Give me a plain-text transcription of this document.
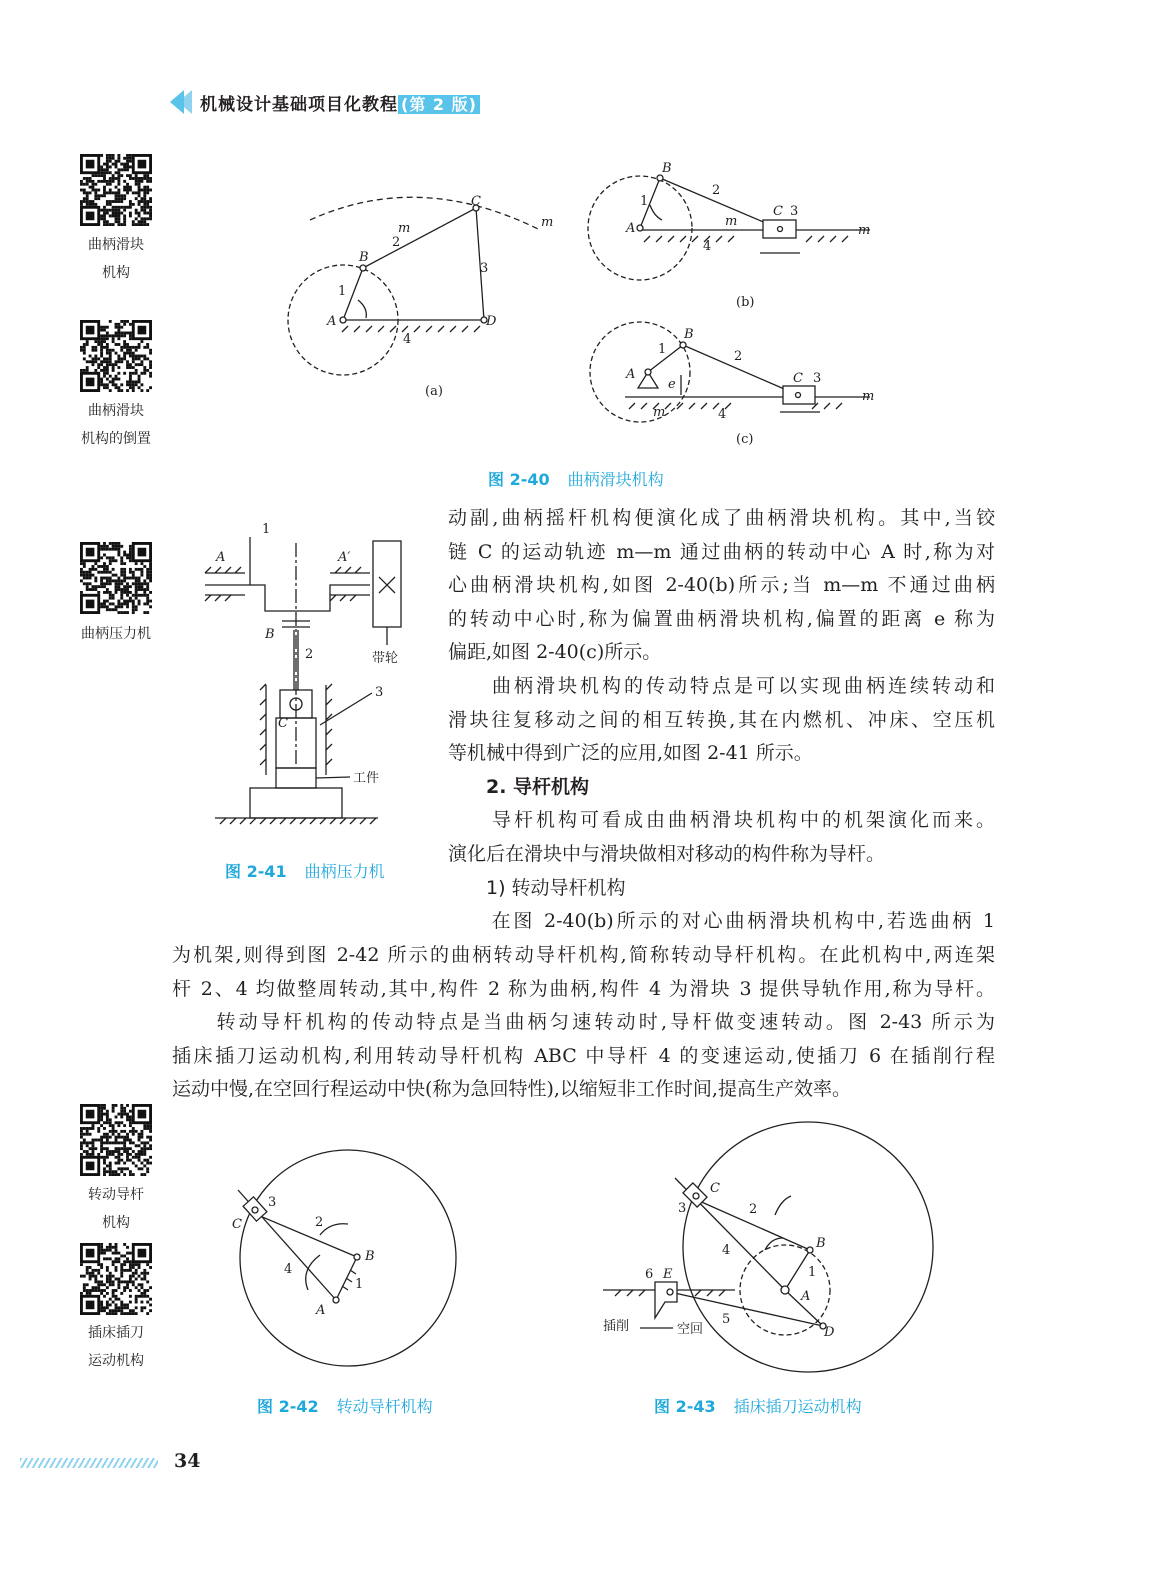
机械设计基础项目化教程 (第 2 版)
曲柄滑块
机构
曲柄滑块
机构的倒置
曲柄压力机
转动导杆
机构
插床插刀
运动机构
A
B
C
D
m	m
1
2
3
4
(a)
A
B
C
m
m
1
2
3
4
(b)
A
B
C
e
m
m
1	2
3
4
(c)
图 2-40 曲柄滑块机构
1
A	A′
B
2	带轮
3
C
工件
图 2-41 曲柄压力机
动副,曲柄摇杆机构便演化成了曲柄滑块机构。其中,当铰
链 C 的运动轨迹 m—m 通过曲柄的转动中心 A 时,称为对
心曲柄滑块机构,如图 2-40(b)所示;当 m—m 不通过曲柄
的转动中心时,称为偏置曲柄滑块机构,偏置的距离 e 称为
偏距,如图 2-40(c)所示。
　　曲柄滑块机构的传动特点是可以实现曲柄连续转动和
滑块往复移动之间的相互转换,其在内燃机、冲床、空压机
等机械中得到广泛的应用,如图 2-41 所示。
　　2. 导杆机构
　　导杆机构可看成由曲柄滑块机构中的机架演化而来。
演化后在滑块中与滑块做相对移动的构件称为导杆。
　　1) 转动导杆机构
　　在图 2-40(b)所示的对心曲柄滑块机构中,若选曲柄 1
为机架,则得到图 2-42 所示的曲柄转动导杆机构,简称转动导杆机构。在此机构中,两连架
杆 2、4 均做整周转动,其中,构件 2 称为曲柄,构件 4 为滑块 3 提供导轨作用,称为导杆。
　　转动导杆机构的传动特点是当曲柄匀速转动时,导杆做变速转动。图 2-43 所示为
插床插刀运动机构,利用转动导杆机构 ABC 中导杆 4 的变速运动,使插刀 6 在插削行程
运动中慢,在空回行程运动中快(称为急回特性),以缩短非工作时间,提高生产效率。
A
B
C
1
2
3
4
图 2-42 转动导杆机构
A
B
C
D
E	1
2
3
4
5
6
插削	空回
图 2-43 插床插刀运动机构
34
